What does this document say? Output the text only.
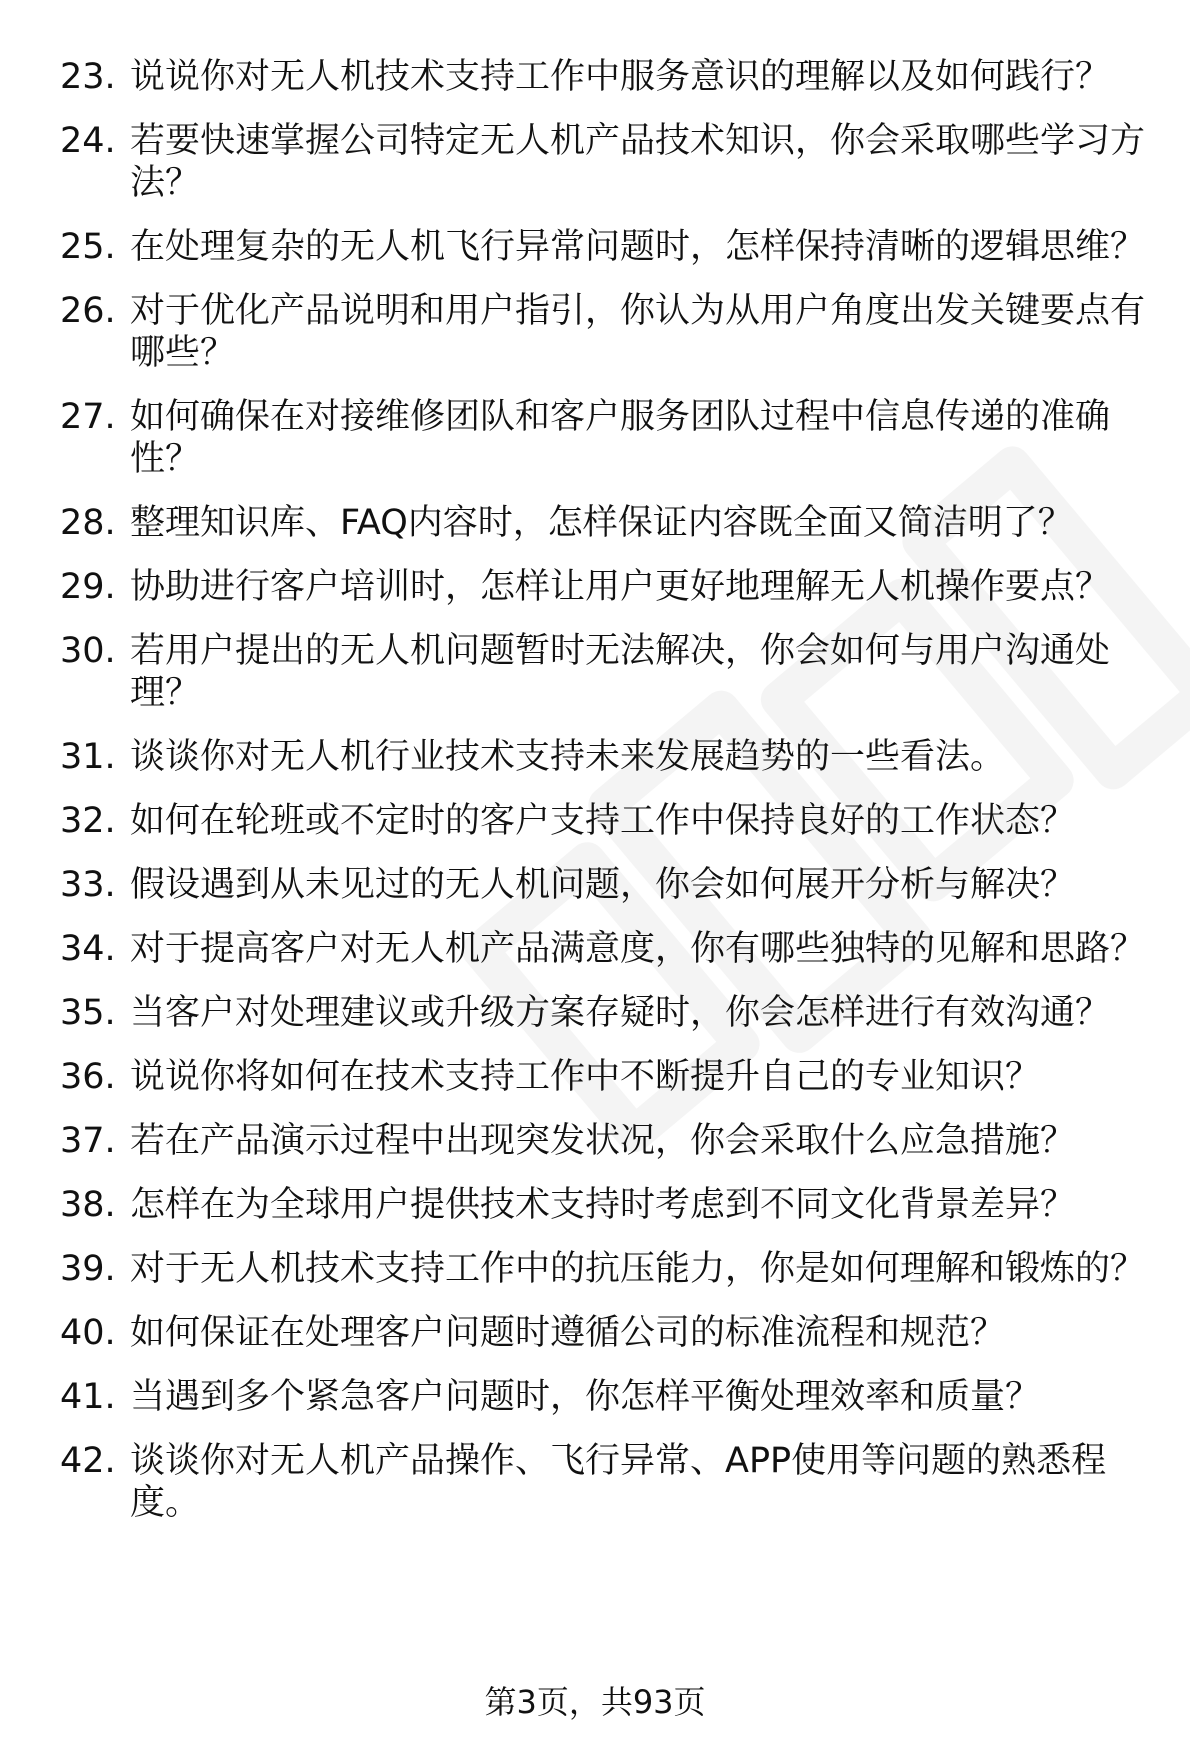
23. 说说你对无人机技术支持工作中服务意识的理解以及如何践行？
24. 若要快速掌握公司特定无人机产品技术知识，你会采取哪些学习方法？
25. 在处理复杂的无人机飞行异常问题时，怎样保持清晰的逻辑思维？
26. 对于优化产品说明和用户指引，你认为从用户角度出发关键要点有哪些？
27. 如何确保在对接维修团队和客户服务团队过程中信息传递的准确性？
28. 整理知识库、FAQ内容时，怎样保证内容既全面又简洁明了？
29. 协助进行客户培训时，怎样让用户更好地理解无人机操作要点？
30. 若用户提出的无人机问题暂时无法解决，你会如何与用户沟通处理？
31. 谈谈你对无人机行业技术支持未来发展趋势的一些看法。
32. 如何在轮班或不定时的客户支持工作中保持良好的工作状态？
33. 假设遇到从未见过的无人机问题，你会如何展开分析与解决？
34. 对于提高客户对无人机产品满意度，你有哪些独特的见解和思路？
35. 当客户对处理建议或升级方案存疑时，你会怎样进行有效沟通？
36. 说说你将如何在技术支持工作中不断提升自己的专业知识？
37. 若在产品演示过程中出现突发状况，你会采取什么应急措施？
38. 怎样在为全球用户提供技术支持时考虑到不同文化背景差异？
39. 对于无人机技术支持工作中的抗压能力，你是如何理解和锻炼的？
40. 如何保证在处理客户问题时遵循公司的标准流程和规范？
41. 当遇到多个紧急客户问题时，你怎样平衡处理效率和质量？
42. 谈谈你对无人机产品操作、飞行异常、APP使用等问题的熟悉程度。
第3页，共93页
